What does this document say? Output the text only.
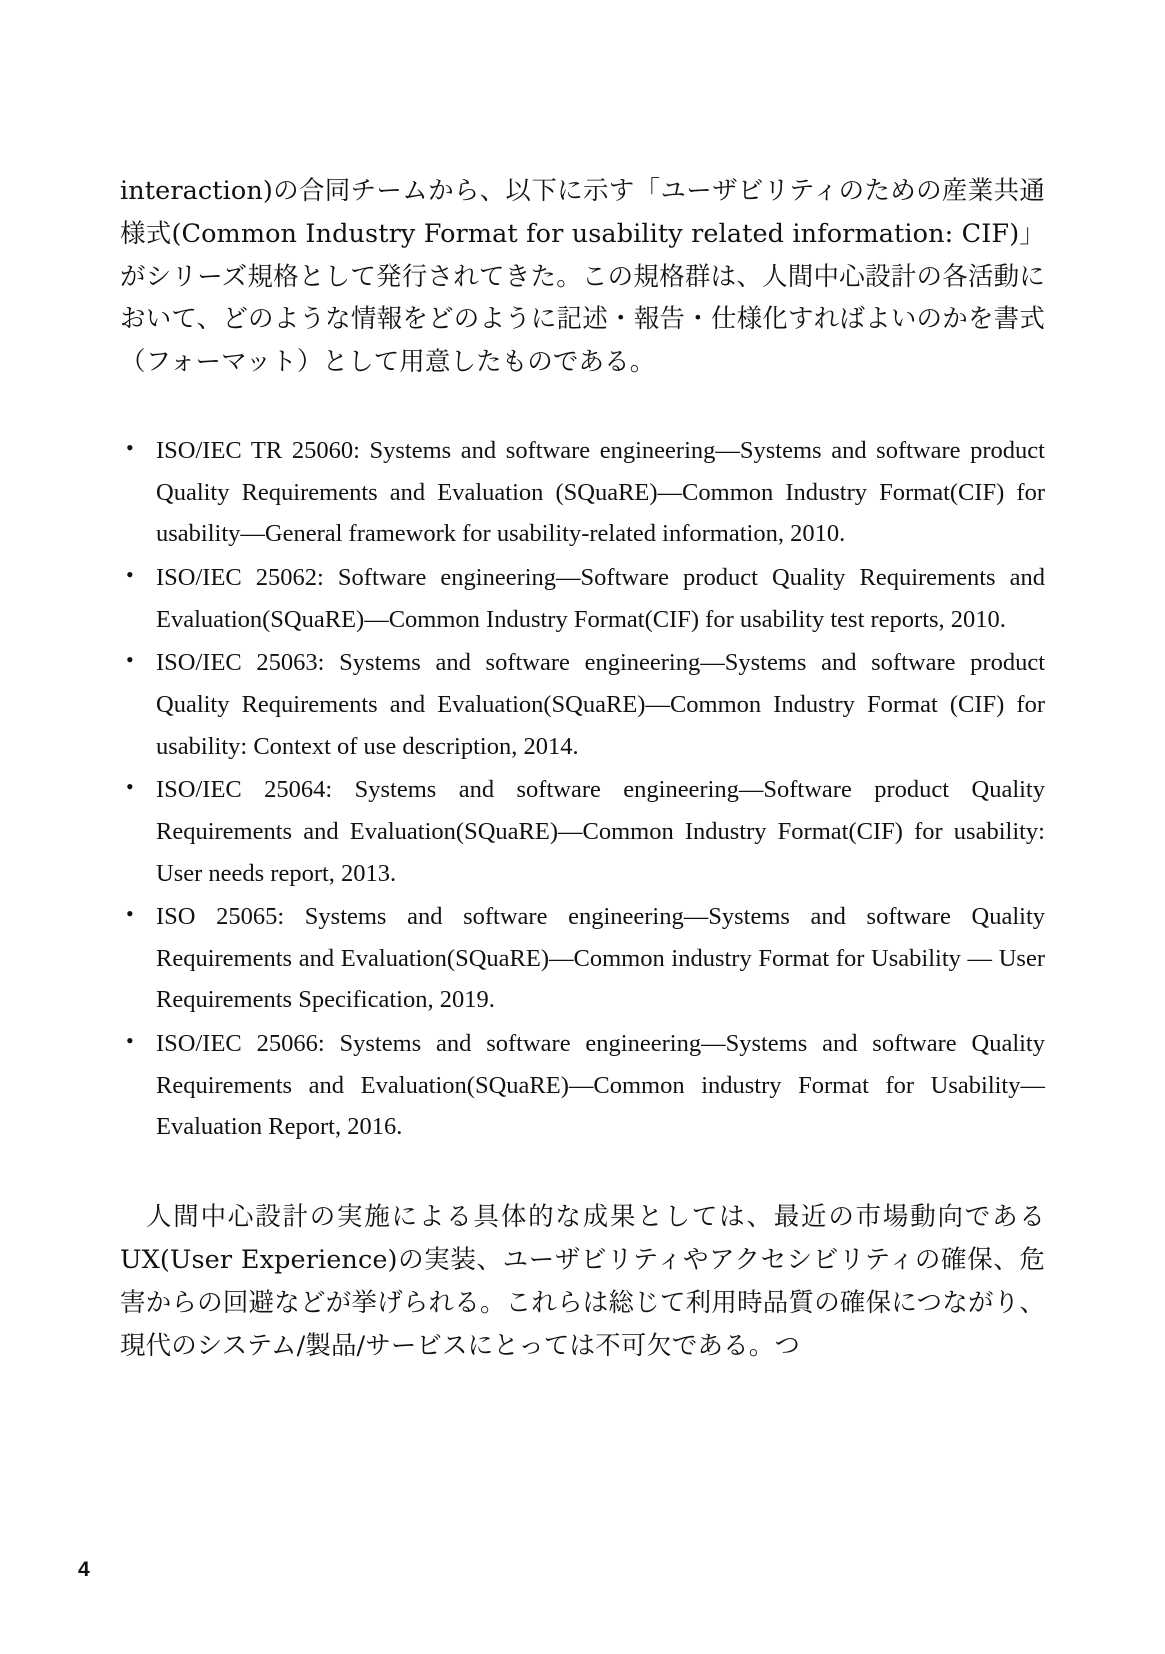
interaction)の合同チームから、以下に示す「ユーザビリティのための産業共通様式(Common Industry Format for usability related information: CIF)」がシリーズ規格として発行されてきた。この規格群は、人間中心設計の各活動において、どのような情報をどのように記述・報告・仕様化すればよいのかを書式（フォーマット）として用意したものである。

• ISO/IEC TR 25060: Systems and software engineering—Systems and software product Quality Requirements and Evaluation (SQuaRE)—Common Industry Format(CIF) for usability—General framework for usability-related information, 2010.
• ISO/IEC 25062: Software engineering—Software product Quality Requirements and Evaluation(SQuaRE)—Common Industry Format(CIF) for usability test reports, 2010.
• ISO/IEC 25063: Systems and software engineering—Systems and software product Quality Requirements and Evaluation(SQuaRE)—Common Industry Format (CIF) for usability: Context of use description, 2014.
• ISO/IEC 25064: Systems and software engineering—Software product Quality Requirements and Evaluation(SQuaRE)—Common Industry Format(CIF) for usability: User needs report, 2013.
• ISO 25065: Systems and software engineering—Systems and software Quality Requirements and Evaluation(SQuaRE)—Common industry Format for Usability — User Requirements Specification, 2019.
• ISO/IEC 25066: Systems and software engineering—Systems and software Quality Requirements and Evaluation(SQuaRE)—Common industry Format for Usability—Evaluation Report, 2016.

人間中心設計の実施による具体的な成果としては、最近の市場動向であるUX(User Experience)の実装、ユーザビリティやアクセシビリティの確保、危害からの回避などが挙げられる。これらは総じて利用時品質の確保につながり、現代のシステム/製品/サービスにとっては不可欠である。つ

4
